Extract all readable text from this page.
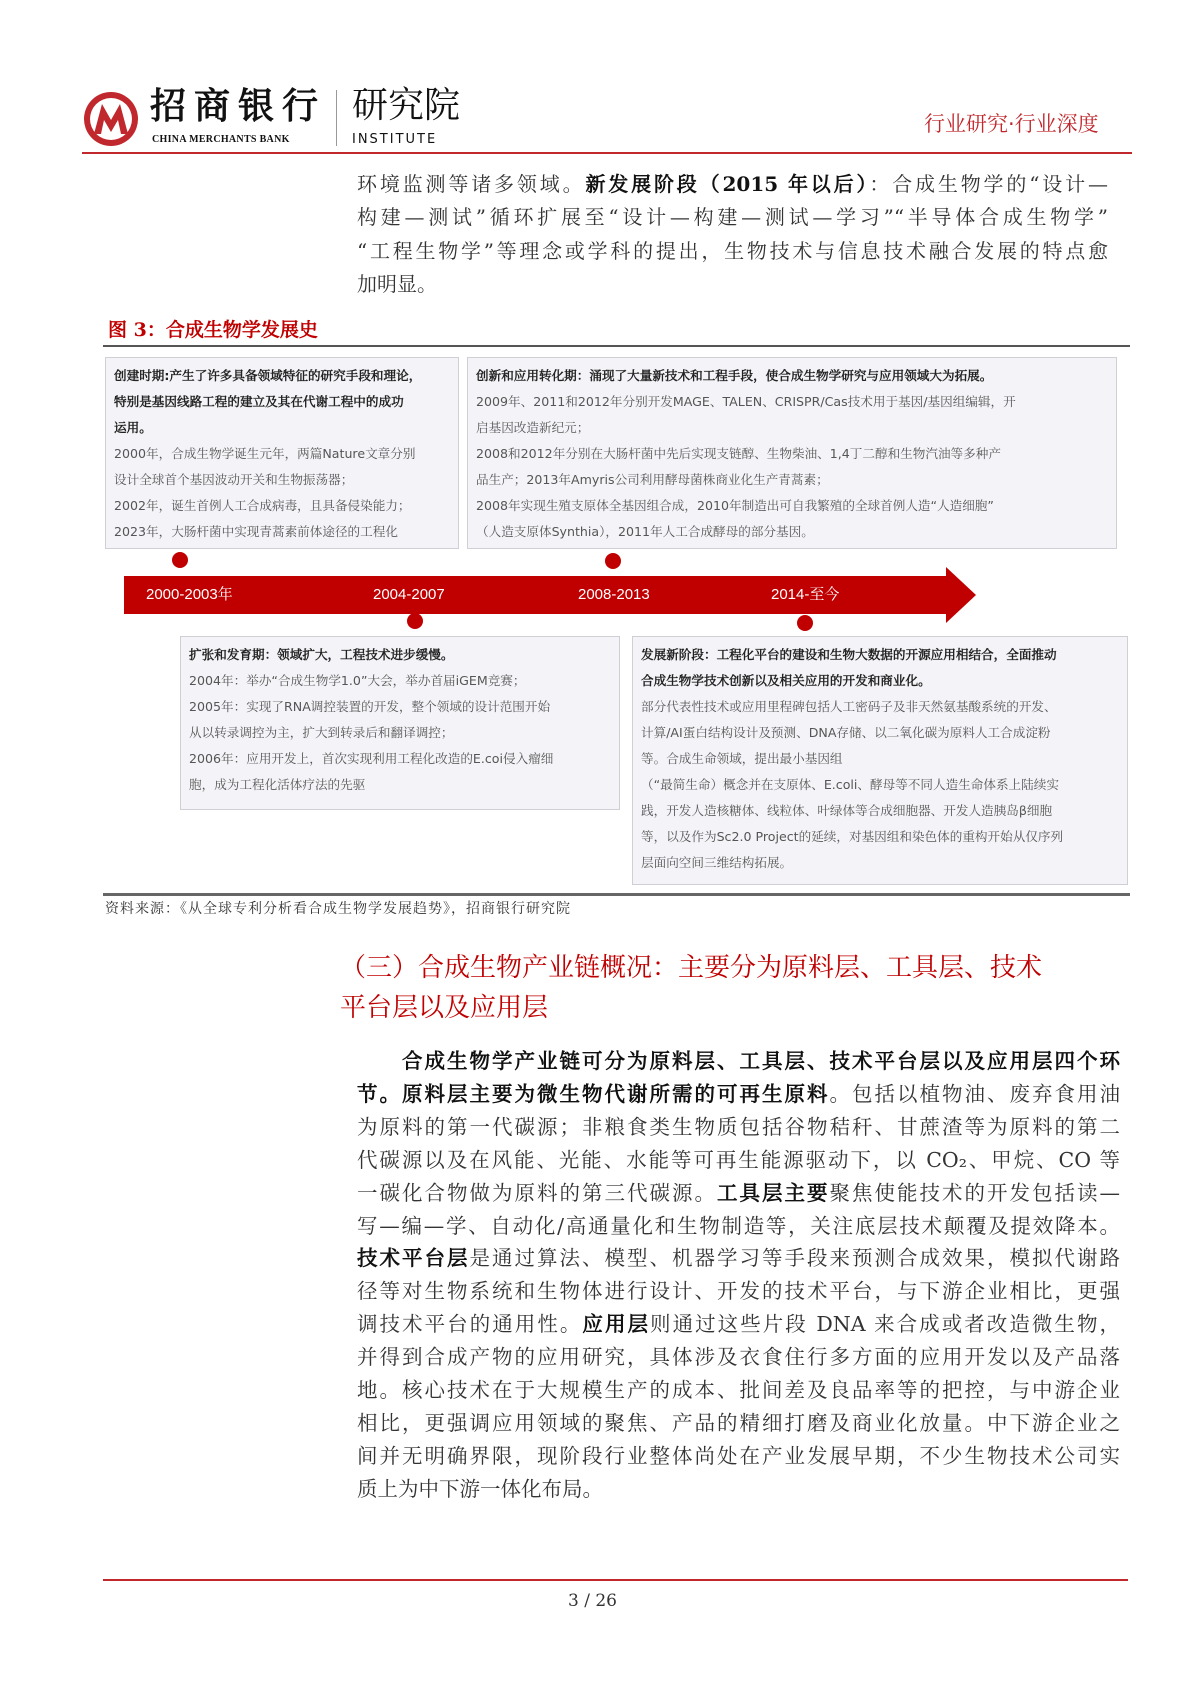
招商银行
CHINA MERCHANTS BANK
研究院
INSTITUTE
行业研究·行业深度
环境监测等诸多领域。新发展阶段（2015 年以后）：合成生物学的“设计—
构建—测试”循环扩展至“设计—构建—测试—学习”“半导体合成生物学”
“工程生物学”等理念或学科的提出，生物技术与信息技术融合发展的特点愈
加明显。
图 3：合成生物学发展史
创建时期:产生了许多具备领域特征的研究手段和理论，
特别是基因线路工程的建立及其在代谢工程中的成功
运用。
2000年，合成生物学诞生元年，两篇Nature文章分别
设计全球首个基因波动开关和生物振荡器；
2002年，诞生首例人工合成病毒，且具备侵染能力；
2023年，大肠杆菌中实现青蒿素前体途径的工程化
创新和应用转化期：涌现了大量新技术和工程手段，使合成生物学研究与应用领域大为拓展。
2009年、2011和2012年分别开发MAGE、TALEN、CRISPR/Cas技术用于基因/基因组编辑，开
启基因改造新纪元；
2008和2012年分别在大肠杆菌中先后实现支链醇、生物柴油、1,4丁二醇和生物汽油等多种产
品生产；2013年Amyris公司利用酵母菌株商业化生产青蒿素；
2008年实现生殖支原体全基因组合成，2010年制造出可自我繁殖的全球首例人造“人造细胞”
（人造支原体Synthia），2011年人工合成酵母的部分基因。
扩张和发育期：领域扩大，工程技术进步缓慢。
2004年：举办“合成生物学1.0”大会，举办首届iGEM竞赛；
2005年：实现了RNA调控装置的开发，整个领域的设计范围开始
从以转录调控为主，扩大到转录后和翻译调控；
2006年：应用开发上，首次实现利用工程化改造的E.coi侵入瘤细
胞，成为工程化活体疗法的先驱
发展新阶段：工程化平台的建设和生物大数据的开源应用相结合，全面推动
合成生物学技术创新以及相关应用的开发和商业化。
部分代表性技术或应用里程碑包括人工密码子及非天然氨基酸系统的开发、
计算/AI蛋白结构设计及预测、DNA存储、以二氧化碳为原料人工合成淀粉
等。合成生命领域，提出最小基因组
（“最简生命）概念并在支原体、E.coli、酵母等不同人造生命体系上陆续实
践，开发人造核糖体、线粒体、叶绿体等合成细胞器、开发人造胰岛β细胞
等，以及作为Sc2.0 Project的延续，对基因组和染色体的重构开始从仅序列
层面向空间三维结构拓展。
2000-2003年	2004-2007	2008-2013	2014-至今
资料来源：《从全球专利分析看合成生物学发展趋势》，招商银行研究院
（三）合成生物产业链概况：主要分为原料层、工具层、技术
平台层以及应用层
　　合成生物学产业链可分为原料层、工具层、技术平台层以及应用层四个环
节。原料层主要为微生物代谢所需的可再生原料。包括以植物油、废弃食用油
为原料的第一代碳源；非粮食类生物质包括谷物秸秆、甘蔗渣等为原料的第二
代碳源以及在风能、光能、水能等可再生能源驱动下，以 CO₂、甲烷、CO 等
一碳化合物做为原料的第三代碳源。工具层主要聚焦使能技术的开发包括读—
写—编—学、自动化/高通量化和生物制造等，关注底层技术颠覆及提效降本。
技术平台层是通过算法、模型、机器学习等手段来预测合成效果，模拟代谢路
径等对生物系统和生物体进行设计、开发的技术平台，与下游企业相比，更强
调技术平台的通用性。应用层则通过这些片段 DNA 来合成或者改造微生物，
并得到合成产物的应用研究，具体涉及衣食住行多方面的应用开发以及产品落
地。核心技术在于大规模生产的成本、批间差及良品率等的把控，与中游企业
相比，更强调应用领域的聚焦、产品的精细打磨及商业化放量。中下游企业之
间并无明确界限，现阶段行业整体尚处在产业发展早期，不少生物技术公司实
质上为中下游一体化布局。
3 / 26
